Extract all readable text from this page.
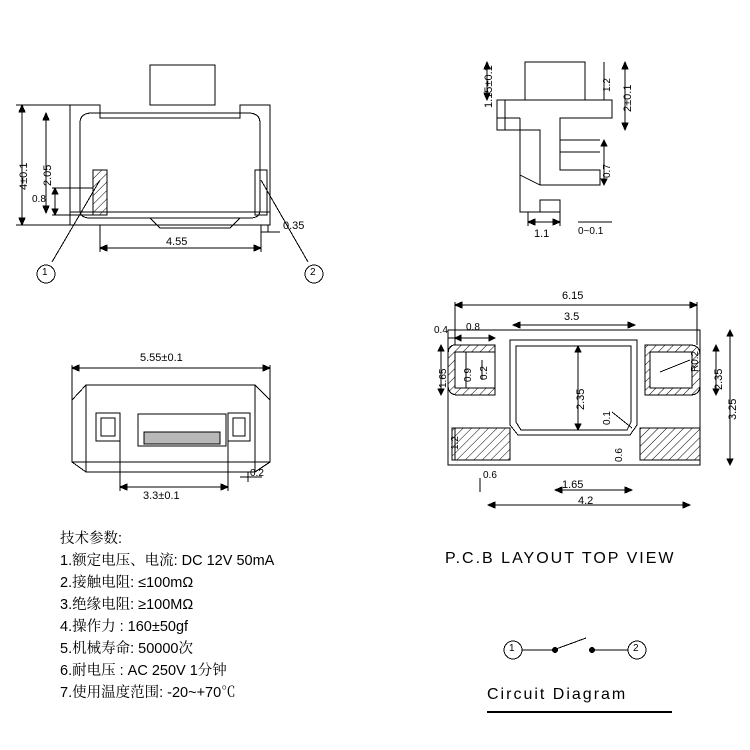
4±0.1 2.05
0.8
4.55
0.35
1	2
1.15±0.1	1.2 2±0.1
0.7
1.1	0~0.1
5.55±0.1
3.3±0.1
0.2
6.15
3.5
0.8
0.4
1.65 0.9 0.2
1.2
0.6
1.65
4.2
2.35
2.35
3.25
R0.2
0.1
0.6
P.C.B LAYOUT TOP VIEW
1	2
Circuit Diagram
技术参数:
1.额定电压、电流: DC 12V 50mA
2.接触电阻: ≤100mΩ
3.绝缘电阻: ≥100MΩ
4.操作力 : 160±50gf
5.机械寿命: 50000次
6.耐电压 : AC 250V 1分钟
7.使用温度范围: -20~+70℃
